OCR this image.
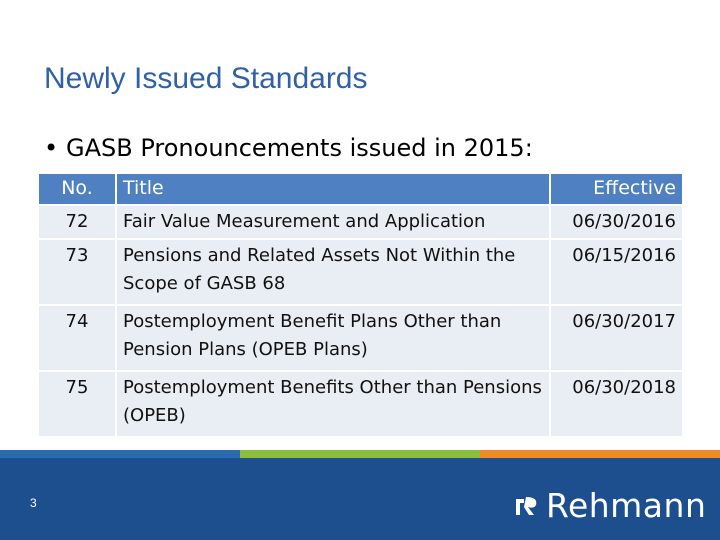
Newly Issued Standards
• GASB Pronouncements issued in 2015:
No.	Title	Effective
72	Fair Value Measurement and Application	06/30/2016
73	Pensions and Related Assets Not Within the Scope of GASB 68	06/15/2016
74	Postemployment Benefit Plans Other than Pension Plans (OPEB Plans)	06/30/2017
75	Postemployment Benefits Other than Pensions (OPEB)	06/30/2018
3	Rehmann
